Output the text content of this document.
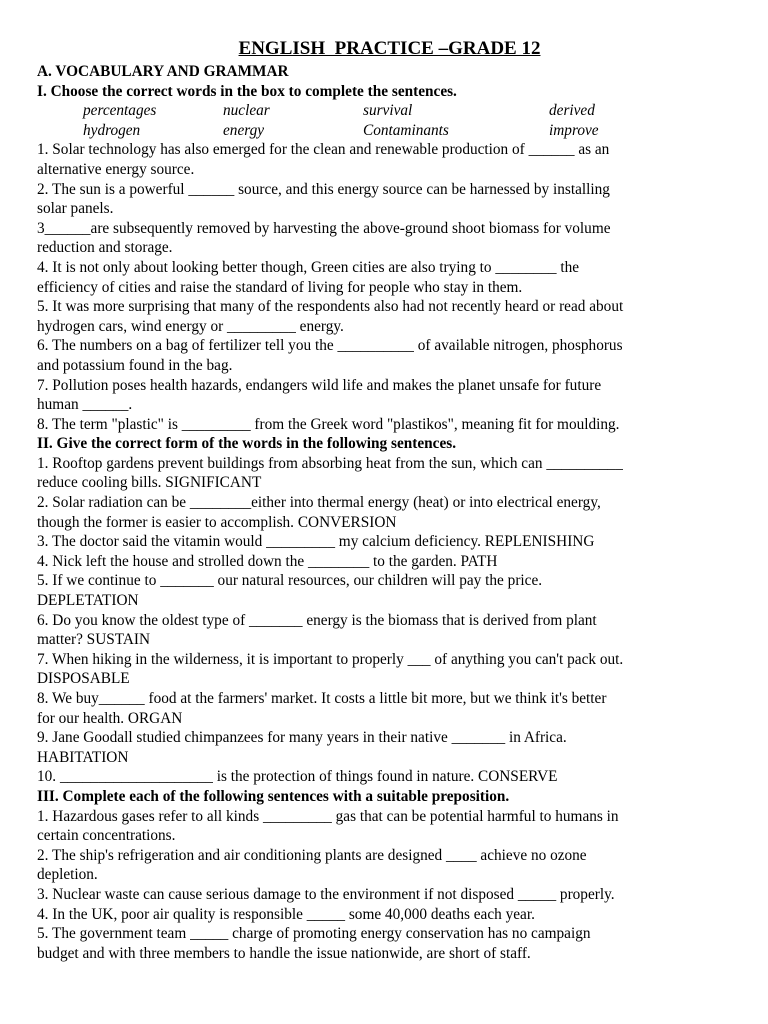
ENGLISH  PRACTICE –GRADE 12
A. VOCABULARY AND GRAMMAR
I. Choose the correct words in the box to complete the sentences.
percentages	nuclear	survival	derived
hydrogen	energy	Contaminants	improve

1. Solar technology has also emerged for the clean and renewable production of ______ as an
alternative energy source.

2. The sun is a powerful ______ source, and this energy source can be harnessed by installing
solar panels.

3______are subsequently removed by harvesting the above-ground shoot biomass for volume
reduction and storage.

4. It is not only about looking better though, Green cities are also trying to ________ the
efficiency of cities and raise the standard of living for people who stay in them.

5. It was more surprising that many of the respondents also had not recently heard or read about
hydrogen cars, wind energy or _________ energy.

6. The numbers on a bag of fertilizer tell you the __________ of available nitrogen, phosphorus
and potassium found in the bag.

7. Pollution poses health hazards, endangers wild life and makes the planet unsafe for future
human ______.

8. The term "plastic" is _________ from the Greek word "plastikos", meaning fit for moulding.

II. Give the correct form of the words in the following sentences.

1. Rooftop gardens prevent buildings from absorbing heat from the sun, which can __________
reduce cooling bills. SIGNIFICANT

2. Solar radiation can be ________either into thermal energy (heat) or into electrical energy,
though the former is easier to accomplish. CONVERSION

3. The doctor said the vitamin would _________ my calcium deficiency. REPLENISHING

4. Nick left the house and strolled down the ________ to the garden. PATH

5. If we continue to _______ our natural resources, our children will pay the price.
DEPLETATION

6. Do you know the oldest type of _______ energy is the biomass that is derived from plant
matter? SUSTAIN

7. When hiking in the wilderness, it is important to properly ___ of anything you can't pack out.
DISPOSABLE

8. We buy______ food at the farmers' market. It costs a little bit more, but we think it's better
for our health. ORGAN

9. Jane Goodall studied chimpanzees for many years in their native _______ in Africa.
HABITATION

10. ____________________ is the protection of things found in nature. CONSERVE

III. Complete each of the following sentences with a suitable preposition.

1. Hazardous gases refer to all kinds _________ gas that can be potential harmful to humans in
certain concentrations.

2. The ship's refrigeration and air conditioning plants are designed ____ achieve no ozone
depletion.

3. Nuclear waste can cause serious damage to the environment if not disposed _____ properly.

4. In the UK, poor air quality is responsible _____ some 40,000 deaths each year.

5. The government team _____ charge of promoting energy conservation has no campaign
budget and with three members to handle the issue nationwide, are short of staff.
